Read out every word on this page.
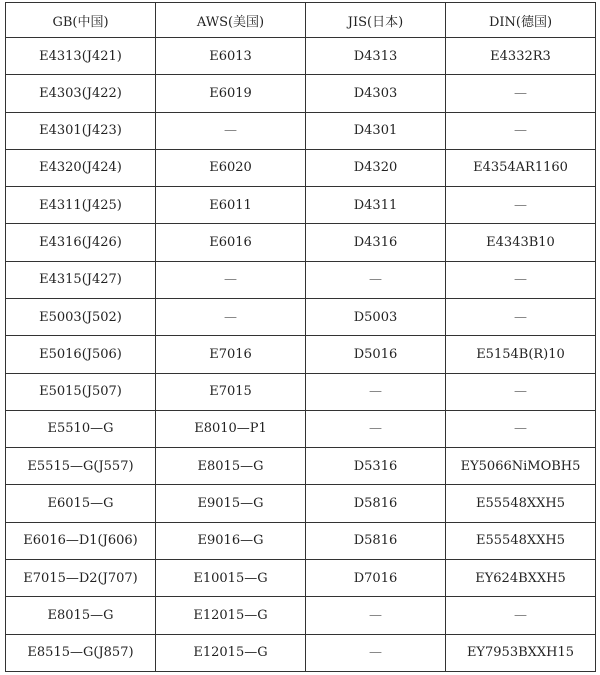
GB(中国)	AWS(美国)	JIS(日本)	DIN(德国)
E4313(J421)	E6013	D4313	E4332R3
E4303(J422)	E6019	D4303	—
E4301(J423)	—	D4301	—
E4320(J424)	E6020	D4320	E4354AR1160
E4311(J425)	E6011	D4311	—
E4316(J426)	E6016	D4316	E4343B10
E4315(J427)	—	—	—
E5003(J502)	—	D5003	—
E5016(J506)	E7016	D5016	E5154B(R)10
E5015(J507)	E7015	—	—
E5510—G	E8010—P1	—	—
E5515—G(J557)	E8015—G	D5316	EY5066NiMOBH5
E6015—G	E9015—G	D5816	E55548XXH5
E6016—D1(J606)	E9016—G	D5816	E55548XXH5
E7015—D2(J707)	E10015—G	D7016	EY624BXXH5
E8015—G	E12015—G	—	—
E8515—G(J857)	E12015—G	—	EY7953BXXH15
